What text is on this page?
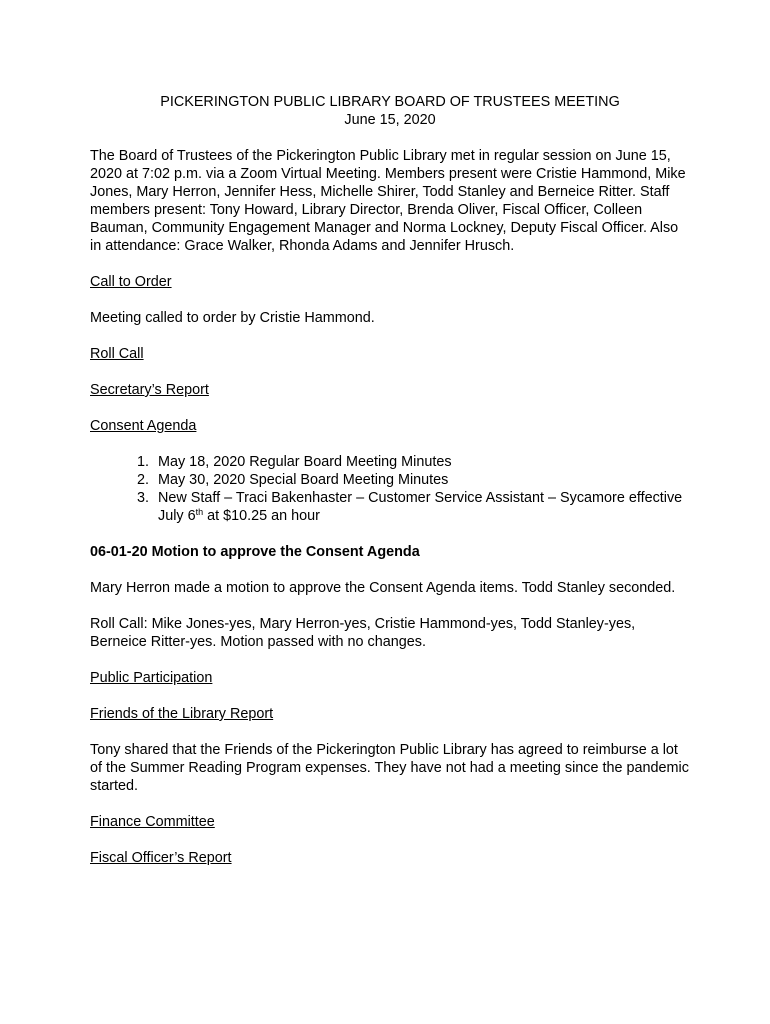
PICKERINGTON PUBLIC LIBRARY BOARD OF TRUSTEES MEETING

June 15, 2020

The Board of Trustees of the Pickerington Public Library met in regular session on June 15, 2020 at 7:02 p.m. via a Zoom Virtual Meeting. Members present were Cristie Hammond, Mike Jones, Mary Herron, Jennifer Hess, Michelle Shirer, Todd Stanley and Berneice Ritter. Staff members present: Tony Howard, Library Director, Brenda Oliver, Fiscal Officer, Colleen Bauman, Community Engagement Manager and Norma Lockney, Deputy Fiscal Officer. Also in attendance: Grace Walker, Rhonda Adams and Jennifer Hrusch.

Call to Order

Meeting called to order by Cristie Hammond.

Roll Call

Secretary’s Report

Consent Agenda

1. May 18, 2020 Regular Board Meeting Minutes
2. May 30, 2020 Special Board Meeting Minutes
3. New Staff – Traci Bakenhaster – Customer Service Assistant – Sycamore effective July 6th at $10.25 an hour

06-01-20 Motion to approve the Consent Agenda

Mary Herron made a motion to approve the Consent Agenda items. Todd Stanley seconded.

Roll Call: Mike Jones-yes, Mary Herron-yes, Cristie Hammond-yes, Todd Stanley-yes, Berneice Ritter-yes. Motion passed with no changes.

Public Participation

Friends of the Library Report

Tony shared that the Friends of the Pickerington Public Library has agreed to reimburse a lot of the Summer Reading Program expenses. They have not had a meeting since the pandemic started.

Finance Committee

Fiscal Officer’s Report
